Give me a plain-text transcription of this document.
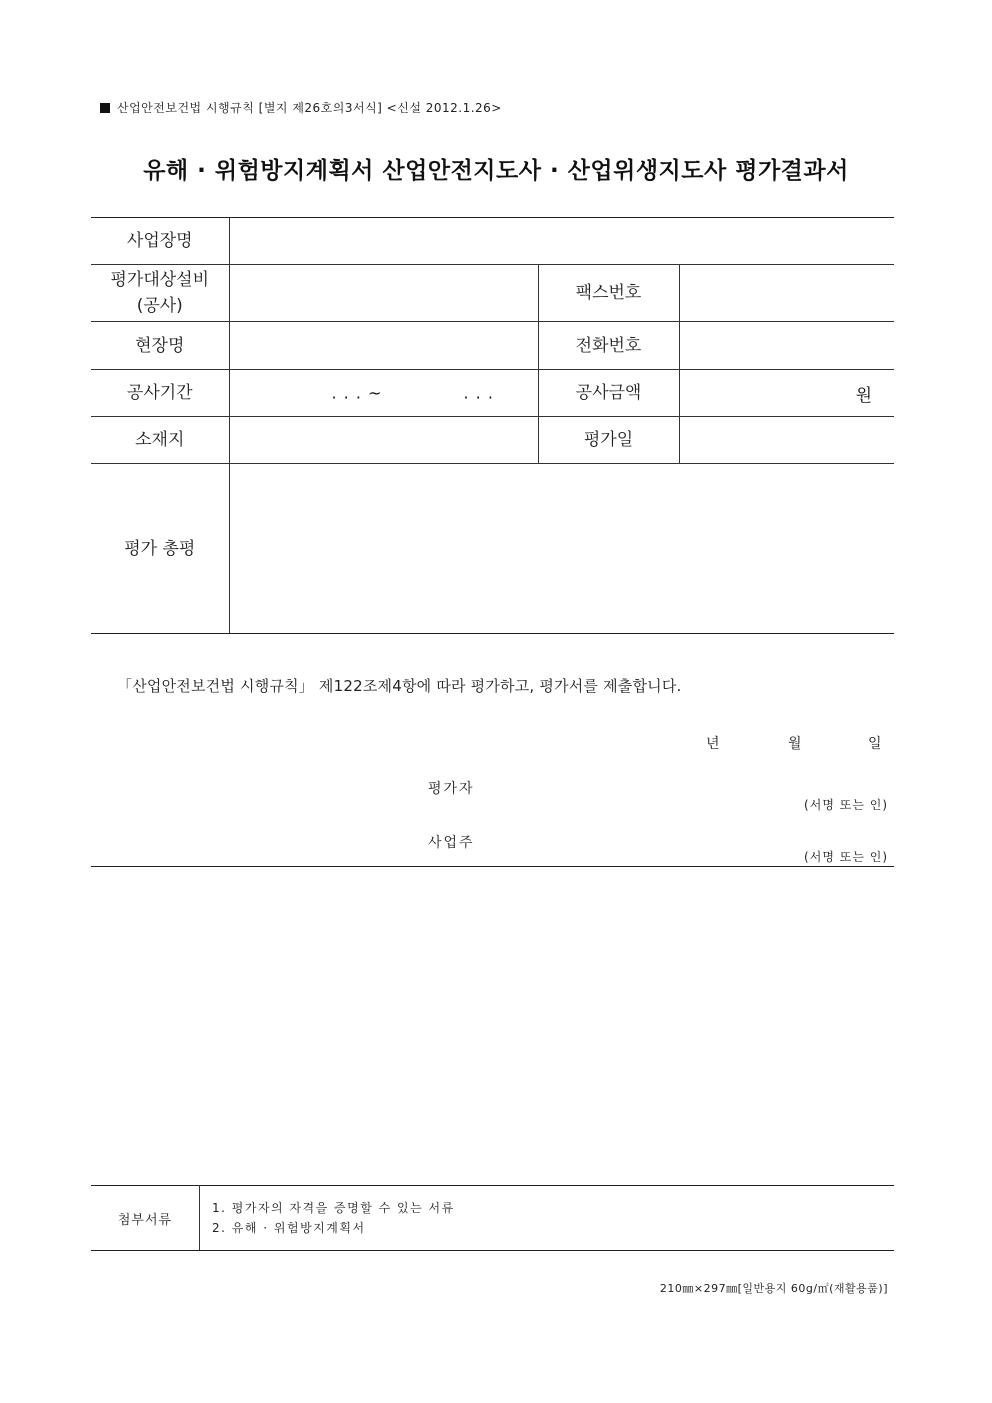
산업안전보건법 시행규칙 [별지 제26호의3서식] <신설 2012.1.26>
유해 · 위험방지계획서 산업안전지도사 · 산업위생지도사 평가결과서
사업장명			

평가대상설비
(공사)		팩스번호	
현장명		전화번호	
공사기간	. . . ~ . . .	공사금액	원
소재지		평가일	
평가 총평			
「산업안전보건법 시행규칙」 제122조제4항에 따라 평가하고, 평가서를 제출합니다.
년	월	일
평가자
(서명 또는 인)
사업주
(서명 또는 인)
첨부서류	
1. 평가자의 자격을 증명할 수 있는 서류
2. 유해 · 위험방지계획서
210㎜×297㎜[일반용지 60g/㎡(재활용품)]
